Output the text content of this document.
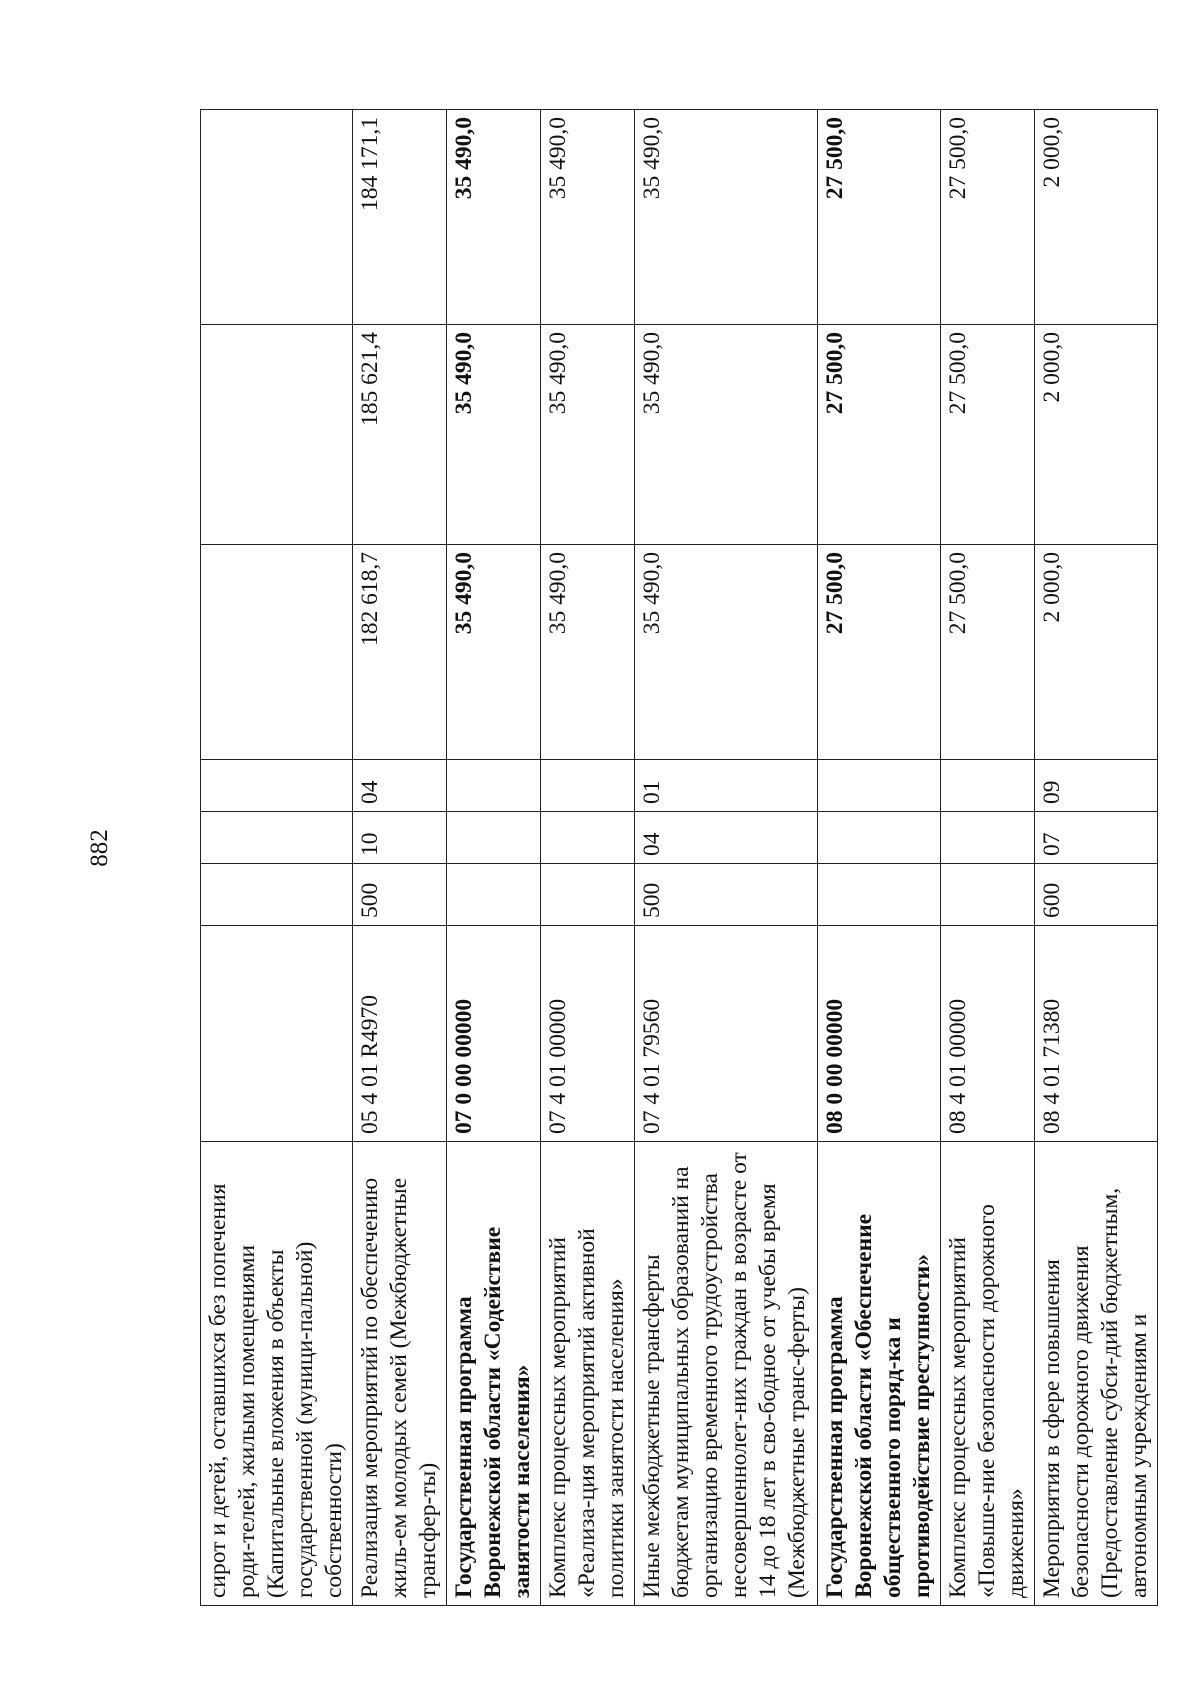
882
сирот и детей, оставшихся без попечения роди-телей, жилыми помещениями (Капитальные вложения в объекты государственной (муници-пальной) собственности)							
Реализация мероприятий по обеспечению жиль-ем молодых семей (Межбюджетные трансфер-ты)	05 4 01 R4970	500	10	04	182 618,7	185 621,4	184 171,1
Государственная программа Воронежской области «Содействие занятости населения»	07 0 00 00000				35 490,0	35 490,0	35 490,0
Комплекс процессных мероприятий «Реализа-ция мероприятий активной политики занятости населения»	07 4 01 00000				35 490,0	35 490,0	35 490,0
Иные межбюджетные трансферты бюджетам муниципальных образований на организацию временного трудоустройства несовершеннолет-них граждан в возрасте от 14 до 18 лет в сво-бодное от учебы время (Межбюджетные транс-ферты)	07 4 01 79560	500	04	01	35 490,0	35 490,0	35 490,0
Государственная программа Воронежской области «Обеспечение общественного поряд-ка и противодействие преступности»	08 0 00 00000				27 500,0	27 500,0	27 500,0
Комплекс процессных мероприятий «Повыше-ние безопасности дорожного движения»	08 4 01 00000				27 500,0	27 500,0	27 500,0
Мероприятия в сфере повышения безопасности дорожного движения (Предоставление субси-дий бюджетным, автономным учреждениям и	08 4 01 71380	600	07	09	2 000,0	2 000,0	2 000,0
